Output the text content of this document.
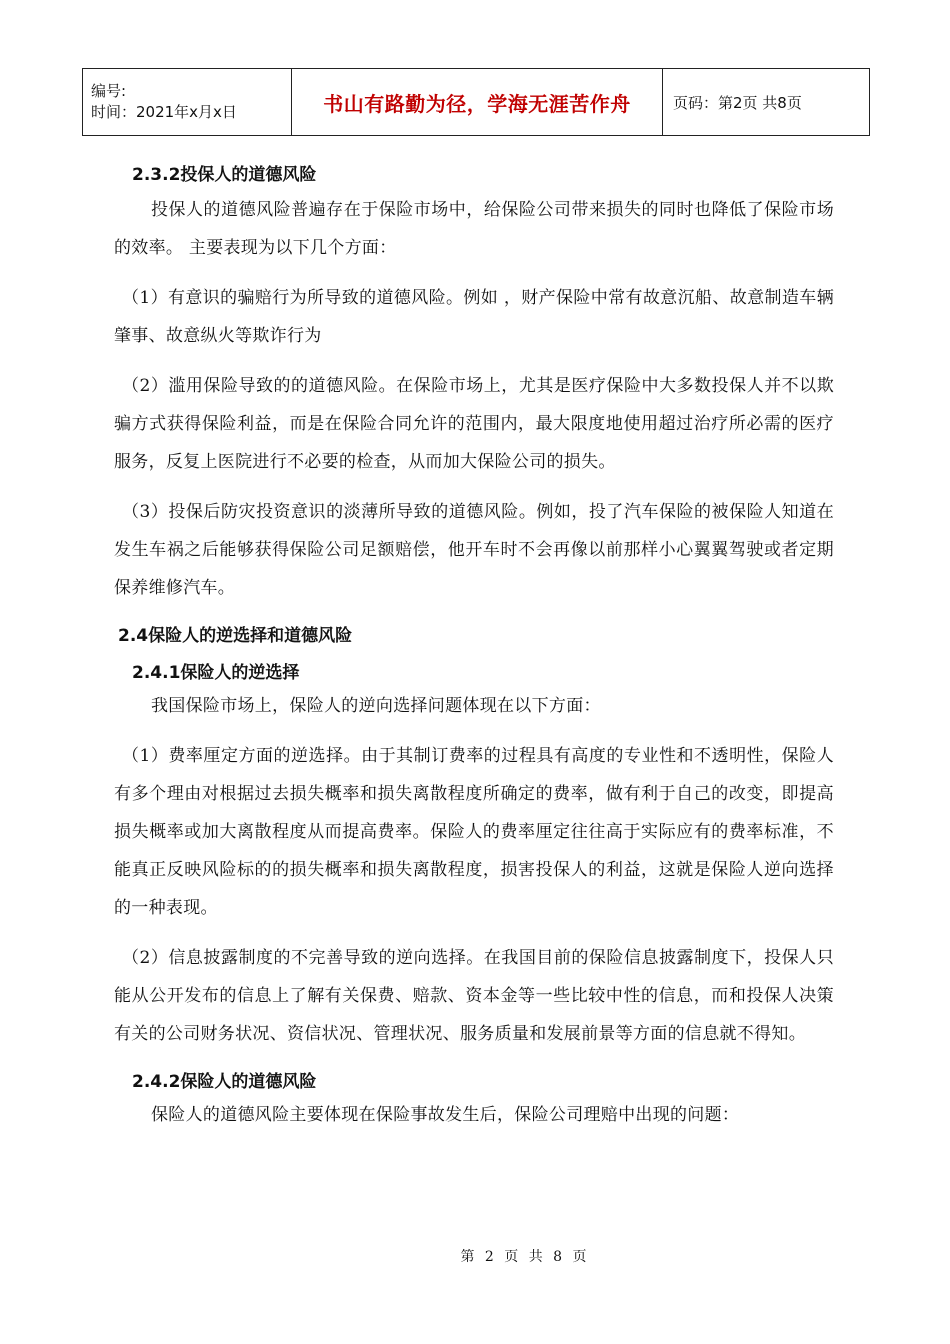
编号:
时间：2021年x月x日	书山有路勤为径，学海无涯苦作舟	页码：第2页 共8页

2.3.2投保人的道德风险

投保人的道德风险普遍存在于保险市场中，给保险公司带来损失的同时也降低了保险市场的效率。 主要表现为以下几个方面：

（1）有意识的骗赔行为所导致的道德风险。例如 ，财产保险中常有故意沉船、故意制造车辆肇事、故意纵火等欺诈行为

（2）滥用保险导致的的道德风险。在保险市场上，尤其是医疗保险中大多数投保人并不以欺骗方式获得保险利益，而是在保险合同允许的范围内，最大限度地使用超过治疗所必需的医疗服务，反复上医院进行不必要的检查，从而加大保险公司的损失。

（3）投保后防灾投资意识的淡薄所导致的道德风险。例如，投了汽车保险的被保险人知道在发生车祸之后能够获得保险公司足额赔偿，他开车时不会再像以前那样小心翼翼驾驶或者定期保养维修汽车。

2.4保险人的逆选择和道德风险

2.4.1保险人的逆选择

我国保险市场上，保险人的逆向选择问题体现在以下方面：

（1）费率厘定方面的逆选择。由于其制订费率的过程具有高度的专业性和不透明性，保险人有多个理由对根据过去损失概率和损失离散程度所确定的费率，做有利于自己的改变，即提高损失概率或加大离散程度从而提高费率。保险人的费率厘定往往高于实际应有的费率标准，不能真正反映风险标的的损失概率和损失离散程度，损害投保人的利益，这就是保险人逆向选择的一种表现。

（2）信息披露制度的不完善导致的逆向选择。在我国目前的保险信息披露制度下，投保人只能从公开发布的信息上了解有关保费、赔款、资本金等一些比较中性的信息，而和投保人决策有关的公司财务状况、资信状况、管理状况、服务质量和发展前景等方面的信息就不得知。

2.4.2保险人的道德风险

保险人的道德风险主要体现在保险事故发生后，保险公司理赔中出现的问题：

第 2 页 共 8 页
